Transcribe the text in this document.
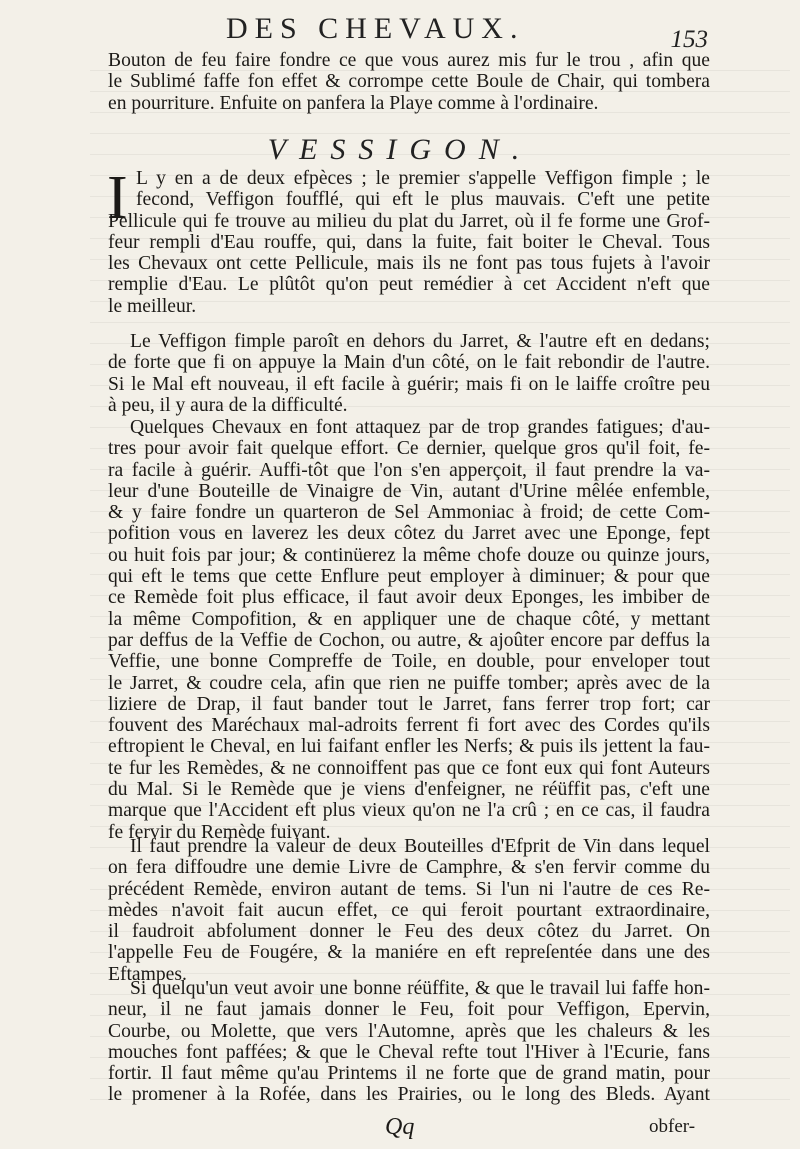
DES CHEVAUX.	153
Bouton de feu faire fondre ce que vous aurez mis fur le trou , afin que
le Sublimé faffe fon effet & corrompe cette Boule de Chair, qui tombera
en pourriture. Enfuite on panfera la Playe comme à l'ordinaire.
VESSIGON.
I L y en a de deux efpèces ; le premier s'appelle Veffigon fimple ; le
fecond, Veffigon foufflé, qui eft le plus mauvais. C'eft une petite
Pellicule qui fe trouve au milieu du plat du Jarret, où il fe forme une Grof-
feur rempli d'Eau rouffe, qui, dans la fuite, fait boiter le Cheval. Tous
les Chevaux ont cette Pellicule, mais ils ne font pas tous fujets à l'avoir
remplie d'Eau. Le plûtôt qu'on peut remédier à cet Accident n'eft que
le meilleur.
Le Veffigon fimple paroît en dehors du Jarret, & l'autre eft en dedans;
de forte que fi on appuye la Main d'un côté, on le fait rebondir de l'autre.
Si le Mal eft nouveau, il eft facile à guérir; mais fi on le laiffe croître peu
à peu, il y aura de la difficulté.
Quelques Chevaux en font attaquez par de trop grandes fatigues; d'au-
tres pour avoir fait quelque effort. Ce dernier, quelque gros qu'il foit, fe-
ra facile à guérir. Auffi-tôt que l'on s'en apperçoit, il faut prendre la va-
leur d'une Bouteille de Vinaigre de Vin, autant d'Urine mêlée enfemble,
& y faire fondre un quarteron de Sel Ammoniac à froid; de cette Com-
pofition vous en laverez les deux côtez du Jarret avec une Eponge, fept
ou huit fois par jour; & continüerez la même chofe douze ou quinze jours,
qui eft le tems que cette Enflure peut employer à diminuer; & pour que
ce Remède foit plus efficace, il faut avoir deux Eponges, les imbiber de
la même Compofition, & en appliquer une de chaque côté, y mettant
par deffus de la Veffie de Cochon, ou autre, & ajoûter encore par deffus la
Veffie, une bonne Compreffe de Toile, en double, pour enveloper tout
le Jarret, & coudre cela, afin que rien ne puiffe tomber; après avec de la
liziere de Drap, il faut bander tout le Jarret, fans ferrer trop fort; car
fouvent des Maréchaux mal-adroits ferrent fi fort avec des Cordes qu'ils
eftropient le Cheval, en lui faifant enfler les Nerfs; & puis ils jettent la fau-
te fur les Remèdes, & ne connoiffent pas que ce font eux qui font Auteurs
du Mal. Si le Remède que je viens d'enfeigner, ne réüffit pas, c'eft une
marque que l'Accident eft plus vieux qu'on ne l'a crû ; en ce cas, il faudra
fe fervir du Remède fuivant.
Il faut prendre la valeur de deux Bouteilles d'Efprit de Vin dans lequel
on fera diffoudre une demie Livre de Camphre, & s'en fervir comme du
précédent Remède, environ autant de tems. Si l'un ni l'autre de ces Re-
mèdes n'avoit fait aucun effet, ce qui feroit pourtant extraordinaire,
il faudroit abfolument donner le Feu des deux côtez du Jarret. On
l'appelle Feu de Fougére, & la maniére en eft repreſentée dans une des
Eftampes.
Si quelqu'un veut avoir une bonne réüffite, & que le travail lui faffe hon-
neur, il ne faut jamais donner le Feu, foit pour Veffigon, Epervin,
Courbe, ou Molette, que vers l'Automne, après que les chaleurs & les
mouches font paffées; & que le Cheval refte tout l'Hiver à l'Ecurie, fans
fortir. Il faut même qu'au Printems il ne forte que de grand matin, pour
le promener à la Rofée, dans les Prairies, ou le long des Bleds. Ayant
Qq	obfer-
